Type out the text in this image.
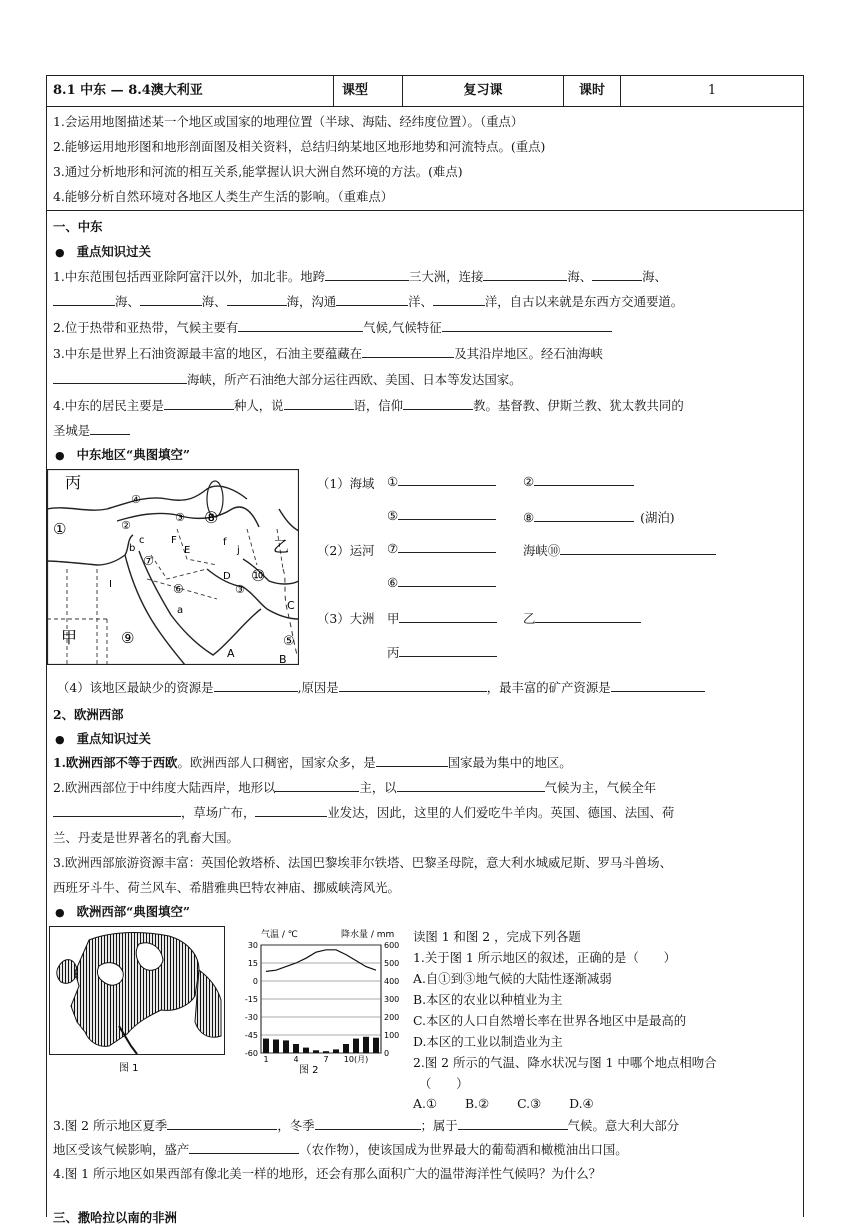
8.1 中东 — 8.4澳大利亚	课型	复习课	课时	1
1.会运用地图描述某一个地区或国家的地理位置（半球、海陆、经纬度位置）。（重点）
2.能够运用地形图和地形剖面图及相关资料，总结归纳某地区地形地势和河流特点。(重点)
3.通过分析地形和河流的相互关系,能掌握认识大洲自然环境的方法。(难点)
4.能够分析自然环境对各地区人类生产生活的影响。（重难点）
一、中东
● 重点知识过关
1.中东范围包括西亚除阿富汗以外，加北非。地跨	三大洲，连接	海、	海、
海、	海、	海，沟通	洋、	洋，自古以来就是东西方交通要道。
2.位于热带和亚热带，气候主要有	气候,气候特征
3.中东是世界上石油资源最丰富的地区，石油主要蕴藏在	及其沿岸地区。经石油海峡
海峡，所产石油绝大部分运往西欧、美国、日本等发达国家。
4.中东的居民主要是	种人，说	语，信仰	教。基督教、伊斯兰教、犹太教共同的
圣城是
● 中东地区“典图填空”
丙
乙
甲
①	②
③
④
⑤
⑥
⑦
⑧
⑨
⑩
③
D
E
F
I
C
B
A
a
b
c	f
j
（1）海域 ①	②
⑤	⑧	(湖泊)
（2）运河 ⑦	海峡⑩
⑥
（3）大洲 甲	乙
丙
（4）该地区最缺少的资源是	,原因是	，最丰富的矿产资源是
2、欧洲西部
● 重点知识过关
1.欧洲西部不等于西欧。欧洲西部人口稠密，国家众多，是	国家最为集中的地区。
2.欧洲西部位于中纬度大陆西岸，地形以	主，以	气候为主，气候全年
，草场广布，	业发达，因此，这里的人们爱吃牛羊肉。英国、德国、法国、荷
兰、丹麦是世界著名的乳畜大国。
3.欧洲西部旅游资源丰富：英国伦敦塔桥、法国巴黎埃菲尔铁塔、巴黎圣母院，意大利水城威尼斯、罗马斗兽场、
西班牙斗牛、荷兰风车、希腊雅典巴特农神庙、挪威峡湾风光。
● 欧洲西部“典图填空”
图 1
30
15
0
-15
-30
-45
-60
600
500
400
300
200
100
0
1	4	7 10(月)
气温 / ℃	降水量 / mm
图 2
读图 1 和图 2 ，完成下列各题
1.关于图 1 所示地区的叙述，正确的是（　　）
A.自①到③地气候的大陆性逐渐减弱
B.本区的农业以种植业为主
C.本区的人口自然增长率在世界各地区中是最高的
D.本区的工业以制造业为主
2.图 2 所示的气温、降水状况与图 1 中哪个地点相吻合
（　　）
A.① B.② C.③ D.④
3.图 2 所示地区夏季	，冬季	；属于	气候。意大利大部分
地区受该气候影响，盛产	（农作物），使该国成为世界最大的葡萄酒和橄榄油出口国。
4.图 1 所示地区如果西部有像北美一样的地形，还会有那么面积广大的温带海洋性气候吗？为什么？
三、撒哈拉以南的非洲
